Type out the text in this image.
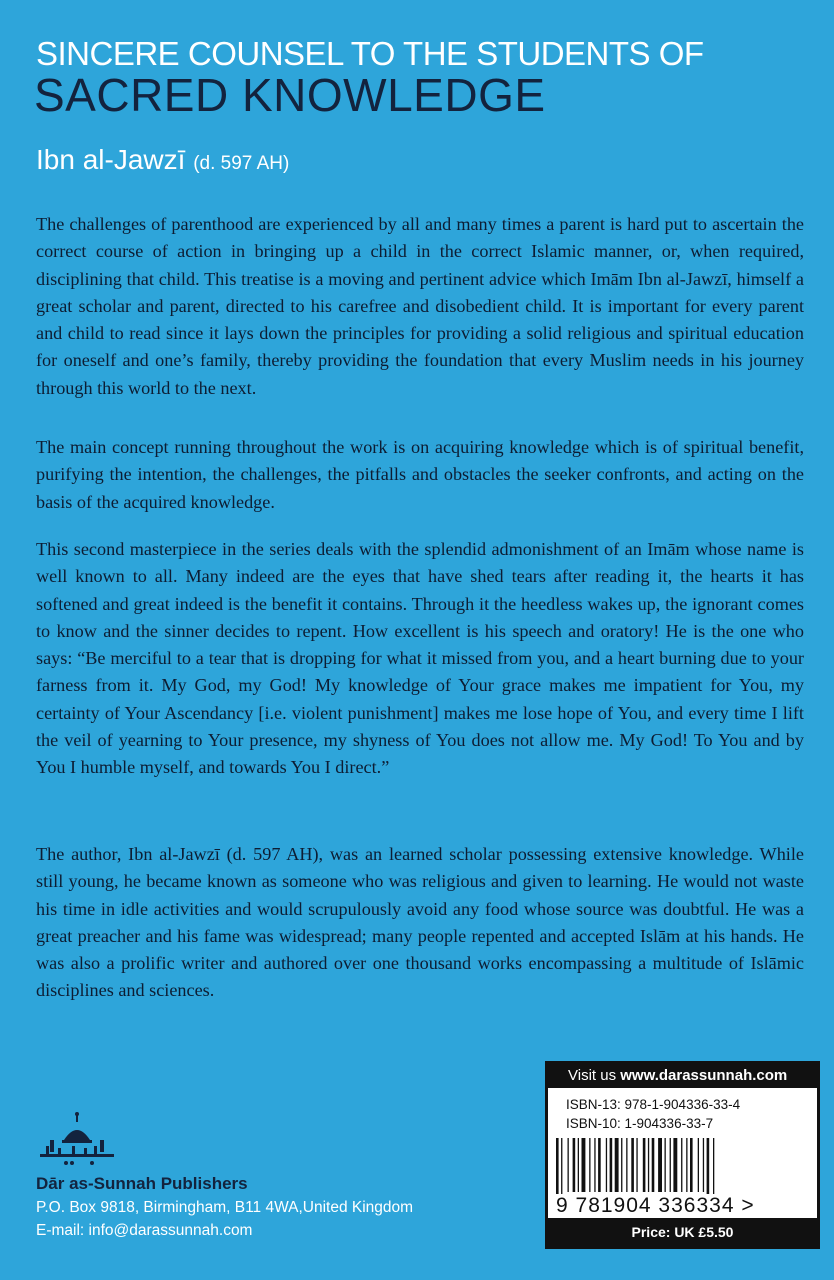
SINCERE COUNSEL TO THE STUDENTS OF
SACRED KNOWLEDGE
Ibn al-Jawzī (d. 597 AH)

The challenges of parenthood are experienced by all and many times a parent is hard put to ascertain the correct course of action in bringing up a child in the correct Islamic manner, or, when required, disciplining that child. This treatise is a moving and pertinent advice which Imām Ibn al-Jawzī, himself a great scholar and parent, directed to his carefree and disobedient child. It is important for every parent and child to read since it lays down the principles for providing a solid religious and spiritual education for oneself and one’s family, thereby providing the foundation that every Muslim needs in his journey through this world to the next.

The main concept running throughout the work is on acquiring knowledge which is of spiritual benefit, purifying the intention, the challenges, the pitfalls and obstacles the seeker confronts, and acting on the basis of the acquired knowledge.

This second masterpiece in the series deals with the splendid admonishment of an Imām whose name is well known to all. Many indeed are the eyes that have shed tears after reading it, the hearts it has softened and great indeed is the benefit it contains. Through it the heedless wakes up, the ignorant comes to know and the sinner decides to repent. How excellent is his speech and oratory! He is the one who says: “Be merciful to a tear that is dropping for what it missed from you, and a heart burning due to your farness from it. My God, my God! My knowledge of Your grace makes me impatient for You, my certainty of Your Ascendancy [i.e. violent punishment] makes me lose hope of You, and every time I lift the veil of yearning to Your presence, my shyness of You does not allow me. My God! To You and by You I humble myself, and towards You I direct.”

The author, Ibn al-Jawzī (d. 597 AH), was an learned scholar possessing extensive knowledge. While still young, he became known as someone who was religious and given to learning. He would not waste his time in idle activities and would scrupulously avoid any food whose source was doubtful. He was a great preacher and his fame was widespread; many people repented and accepted Islām at his hands. He was also a prolific writer and authored over one thousand works encompassing a multitude of Islāmic disciplines and sciences.

Visit us www.darassunnah.com
ISBN-13: 978-1-904336-33-4
ISBN-10: 1-904336-33-7
9 781904 336334 >
Price: UK £5.50
Dār as-Sunnah Publishers
P.O. Box 9818, Birmingham, B11 4WA,United Kingdom
E-mail: info@darassunnah.com
